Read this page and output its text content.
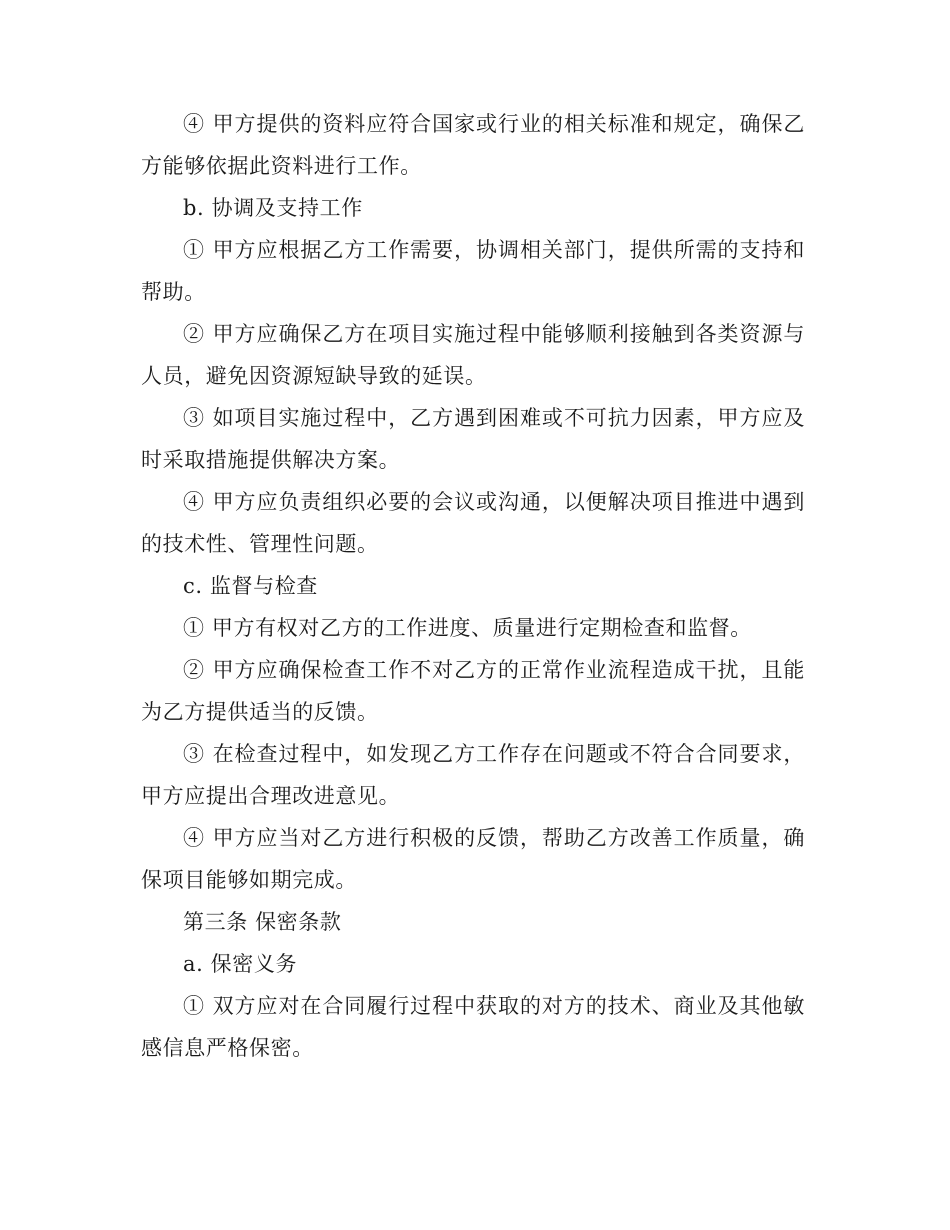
④ 甲方提供的资料应符合国家或行业的相关标准和规定，确保乙方能够依据此资料进行工作。

b. 协调及支持工作

① 甲方应根据乙方工作需要，协调相关部门，提供所需的支持和帮助。

② 甲方应确保乙方在项目实施过程中能够顺利接触到各类资源与人员，避免因资源短缺导致的延误。

③ 如项目实施过程中，乙方遇到困难或不可抗力因素，甲方应及时采取措施提供解决方案。

④ 甲方应负责组织必要的会议或沟通，以便解决项目推进中遇到的技术性、管理性问题。

c. 监督与检查

① 甲方有权对乙方的工作进度、质量进行定期检查和监督。

② 甲方应确保检查工作不对乙方的正常作业流程造成干扰，且能为乙方提供适当的反馈。

③ 在检查过程中，如发现乙方工作存在问题或不符合合同要求，甲方应提出合理改进意见。

④ 甲方应当对乙方进行积极的反馈，帮助乙方改善工作质量，确保项目能够如期完成。

第三条 保密条款

a. 保密义务

① 双方应对在合同履行过程中获取的对方的技术、商业及其他敏感信息严格保密。
